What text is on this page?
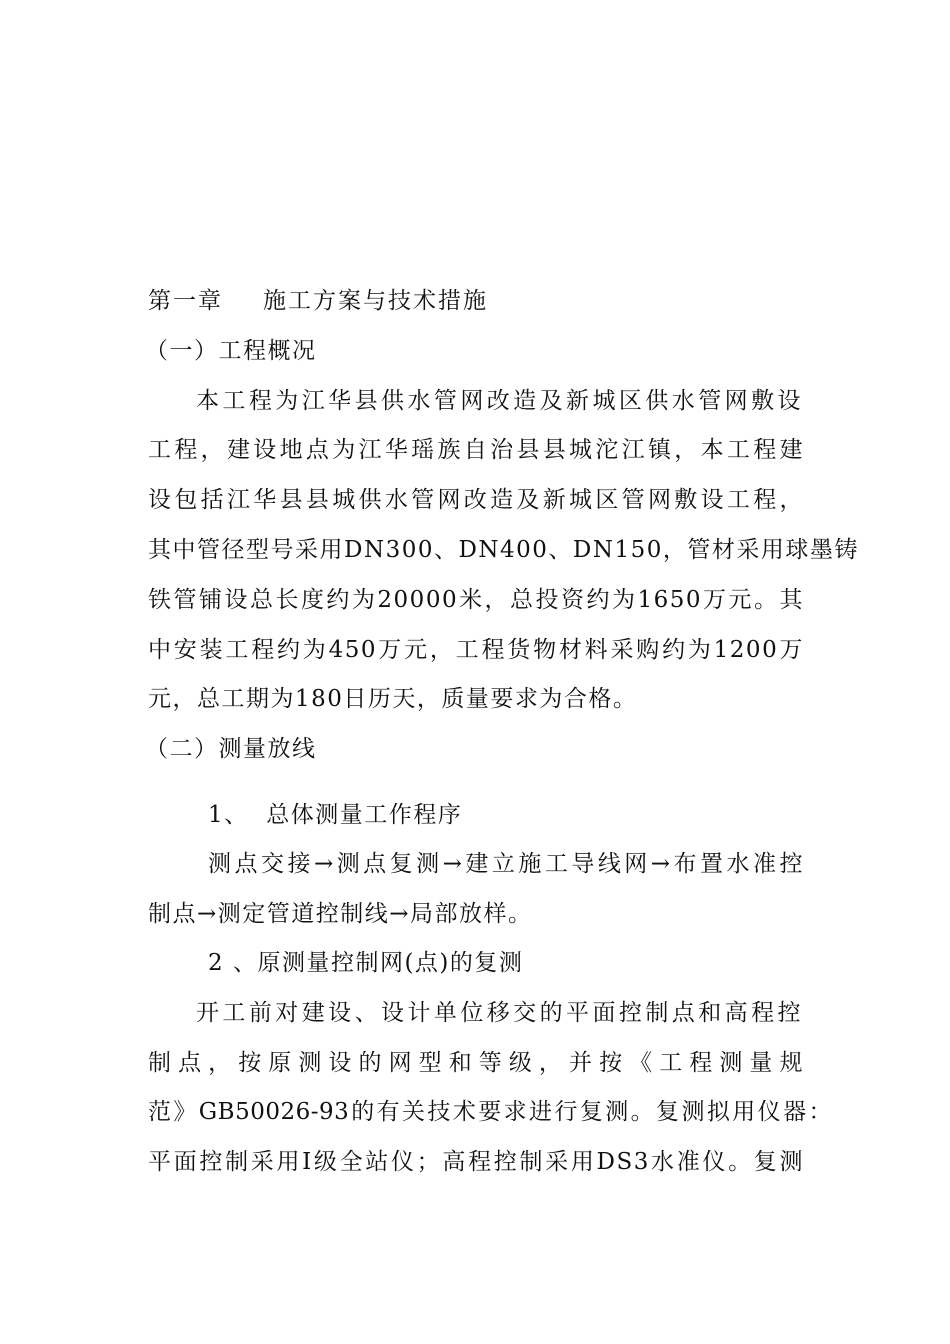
第一章 施工方案与技术措施
（一）工程概况
本工程为江华县供水管网改造及新城区供水管网敷设
工程，建设地点为江华瑶族自治县县城沱江镇，本工程建
设包括江华县县城供水管网改造及新城区管网敷设工程，
其中管径型号采用DN300、DN400、DN150，管材采用球墨铸
铁管铺设总长度约为20000米，总投资约为1650万元。其
中安装工程约为450万元，工程货物材料采购约为1200万
元，总工期为180日历天，质量要求为合格。
（二）测量放线
1、  总体测量工作程序
测点交接→测点复测→建立施工导线网→布置水准控
制点→测定管道控制线→局部放样。
2 、原测量控制网(点)的复测
开工前对建设、设计单位移交的平面控制点和高程控
制点，按原测设的网型和等级，并按《工程测量规
范》GB50026-93的有关技术要求进行复测。复测拟用仪器：
平面控制采用Ⅰ级全站仪；高程控制采用DS3水准仪。复测
